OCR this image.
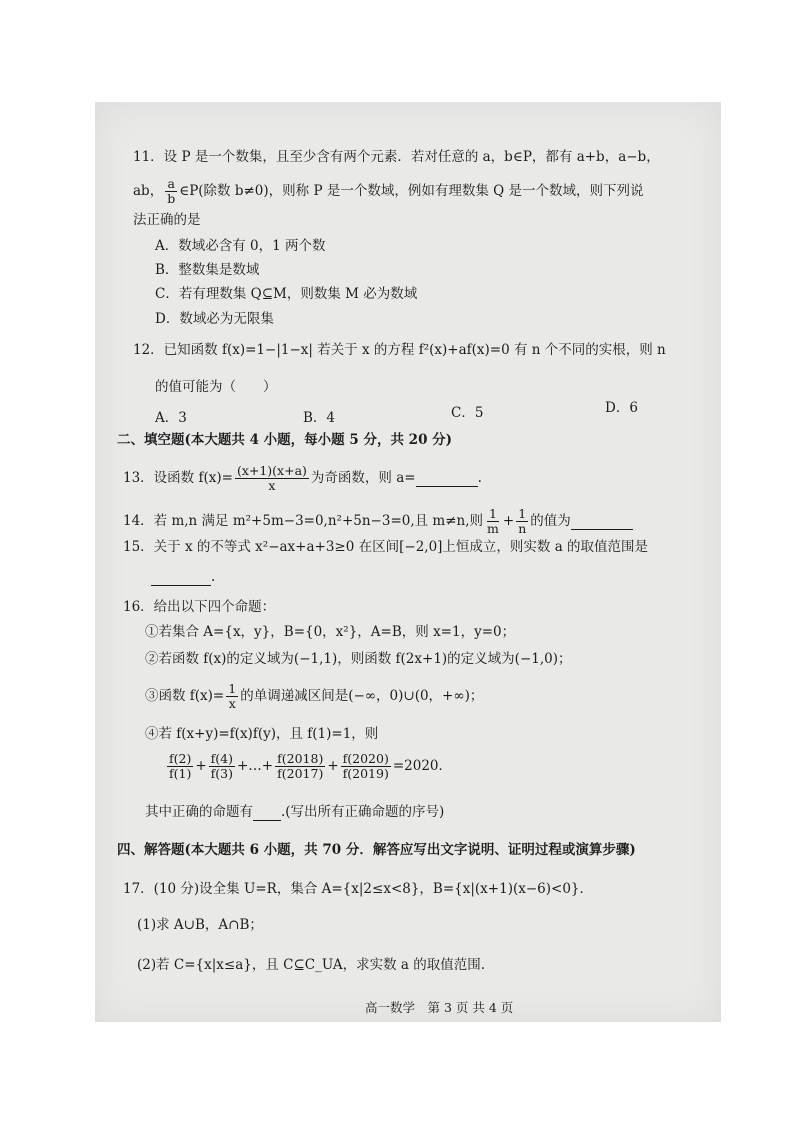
11．设 P 是一个数集，且至少含有两个元素．若对任意的 a，b∈P，都有 a+b，a−b，
ab， $\frac{a}{b}$ ∈P(除数 b≠0)，则称 P 是一个数域，例如有理数集 Q 是一个数域，则下列说
法正确的是
A．数域必含有 0，1 两个数
B．整数集是数域
C．若有理数集 Q⊆M，则数集 M 必为数域
D．数域必为无限集
12．已知函数 f(x)=1−|1−x| 若关于 x 的方程 f²(x)+af(x)=0 有 n 个不同的实根，则 n
的值可能为（　　）
A．3	B．4	C．5	D．6
二、填空题(本大题共 4 小题，每小题 5 分，共 20 分)
13．设函数 $f(x)= \frac{(x+1)(x+a)}{x}$ 为奇函数，则 a=	.
14．若 m,n 满足 m²+5m−3=0,n²+5n−3=0,且 m≠n,则 $\frac{1}{m} + \frac{1}{n}$ 的值为
15．关于 x 的不等式 x²−ax+a+3≥0 在区间[−2,0]上恒成立，则实数 a 的取值范围是
.
16．给出以下四个命题：
①若集合 A={x，y}，B={0，x²}，A=B，则 x=1，y=0；
②若函数 f(x)的定义域为(−1,1)，则函数 f(2x+1)的定义域为(−1,0)；
③函数 $f(x)= \frac{1}{x}$ 的单调递减区间是(−∞，0)∪(0，+∞)；
④若 f(x+y)=f(x)f(y)，且 f(1)=1，则
$\frac{f(2)}{f(1)} + \frac{f(4)}{f(3)}$ +…+ $\frac{f(2018)}{f(2017)} + \frac{f(2020)}{f(2019)} =2020$．
其中正确的命题有 .(写出所有正确命题的序号)
四、解答题(本大题共 6 小题，共 70 分．解答应写出文字说明、证明过程或演算步骤)
17．(10 分)设全集 U=R，集合 A={x|2≤x<8}，B={x|(x+1)(x−6)<0}．
(1)求 A∪B，A∩B；
(2)若 C={x|x≤a}，且 C⊆C_UA，求实数 a 的取值范围.
高一数学　第 3 页 共 4 页
